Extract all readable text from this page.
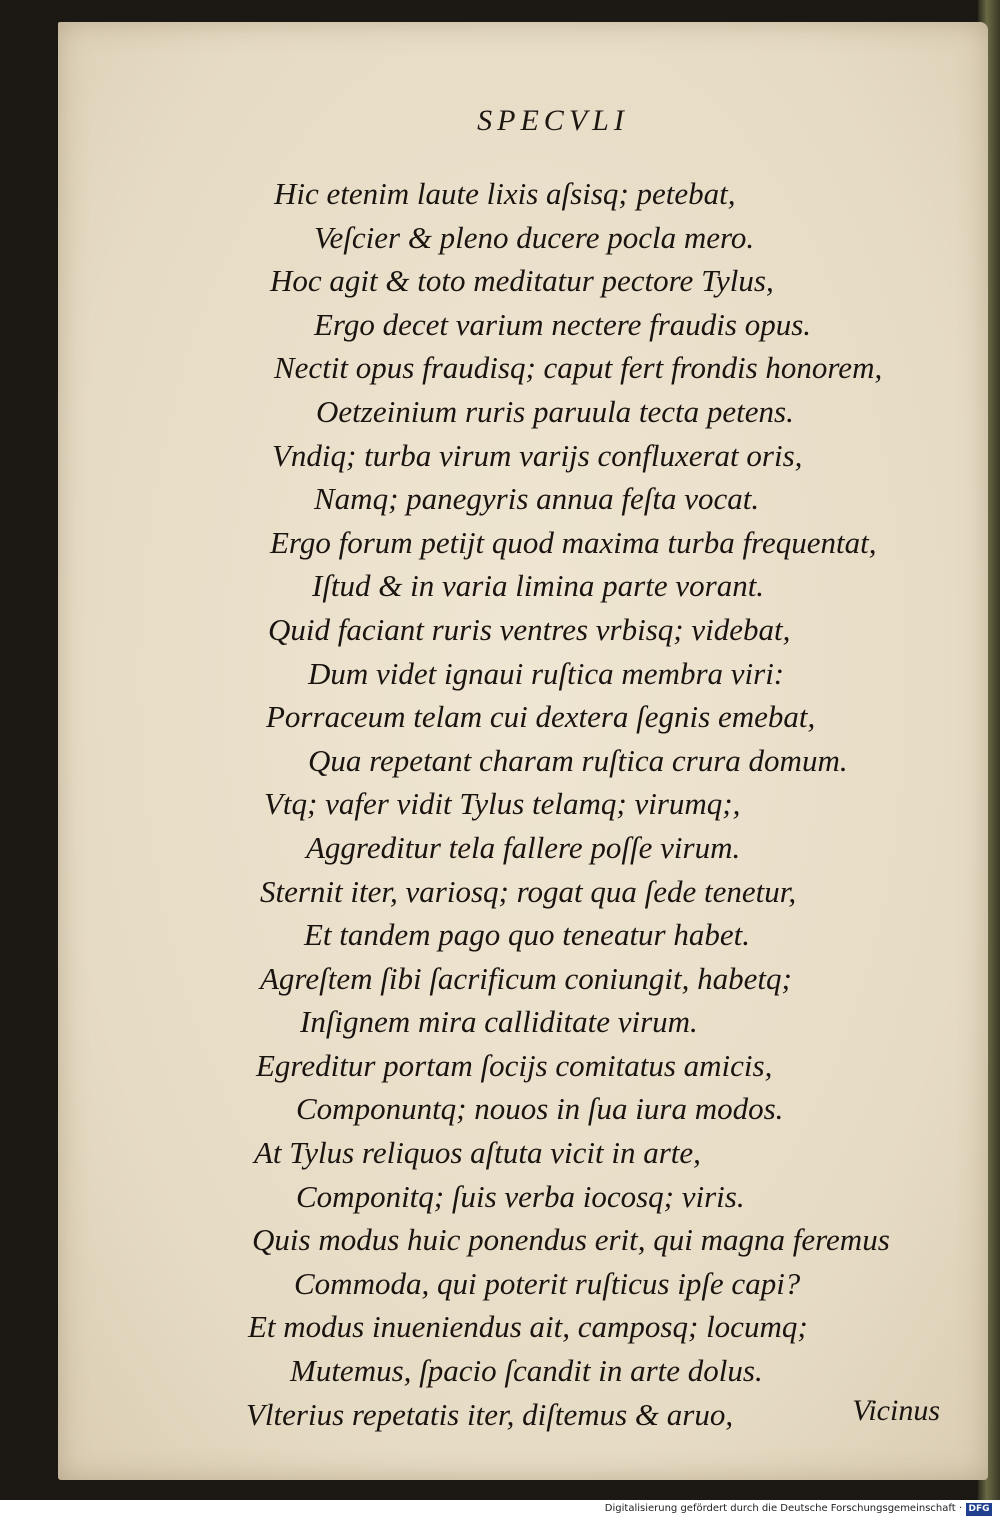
SPECVLI
Hic etenim laute lixis aſsisq; petebat,
Veſcier & pleno ducere pocla mero.
Hoc agit & toto meditatur pectore Tylus,
Ergo decet varium nectere fraudis opus.
Nectit opus fraudisq; caput fert frondis honorem,
Oetzeinium ruris paruula tecta petens.
Vndiq; turba virum varijs confluxerat oris,
Namq; panegyris annua feſta vocat.
Ergo forum petijt quod maxima turba frequentat,
Iſtud & in varia limina parte vorant.
Quid faciant ruris ventres vrbisq; videbat,
Dum videt ignaui ruſtica membra viri:
Porraceum telam cui dextera ſegnis emebat,
Qua repetant charam ruſtica crura domum.
Vtq; vafer vidit Tylus telamq; virumq;,
Aggreditur tela fallere poſſe virum.
Sternit iter, variosq; rogat qua ſede tenetur,
Et tandem pago quo teneatur habet.
Agreſtem ſibi ſacrificum coniungit, habetq;
Inſignem mira calliditate virum.
Egreditur portam ſocijs comitatus amicis,
Componuntq; nouos in ſua iura modos.
At Tylus reliquos aſtuta vicit in arte,
Componitq; ſuis verba iocosq; viris.
Quis modus huic ponendus erit, qui magna feremus
Commoda, qui poterit ruſticus ipſe capi?
Et modus inueniendus ait, camposq; locumq;
Mutemus, ſpacio ſcandit in arte dolus.
Vlterius repetatis iter, diſtemus & aruo,	Vicinus
Digitalisierung gefördert durch die Deutsche Forschungsgemeinschaft · DFG
